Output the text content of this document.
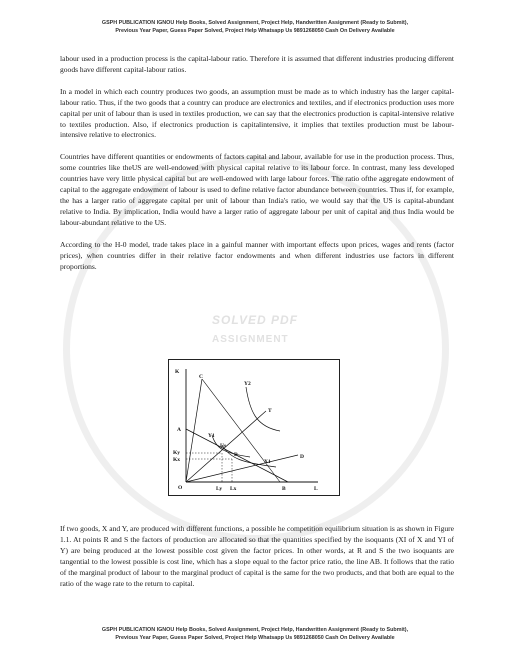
SOLVED PDF
ASSIGNMENT
GSPH PUBLICATION IGNOU Help Books, Solved Assignment, Project Help, Handwritten Assignment (Ready to Submit),
Previous Year Paper, Guess Paper Solved, Project Help Whatsapp Us 9891268050 Cash On Delivery Available

labour used in a production process is the capital-labour ratio. Therefore it is assumed that different industries producing different goods have different capital-labour ratios.

In a model in which each country produces two goods, an assumption must be made as to which industry has the larger capital-labour ratio. Thus, if the two goods that a country can produce are electronics and textiles, and if electronics production uses more capital per unit of labour than is used in textiles production, we can say that the electronics production is capital-intensive relative to textiles production. Also, if electronics production is capitalintensive, it implies that textiles production must be labour-intensive relative to electronics.

Countries have different quantities or endowments of factors capital and labour, available for use in the production process. Thus, some countries like theUS are well-endowed with physical capital relative to its labour force. In contrast, many less developed countries have very little physical capital but are well-endowed with large labour forces. The ratio ofthe aggregate endowment of capital to the aggregate endowment of labour is used to define relative factor abundance between countries. Thus if, for example, the has a larger ratio of aggregate capital per unit of labour than India's ratio, we would say that the US is capital-abundant relative to India. By implication, India would have a larger ratio of aggregate labour per unit of capital and thus India would be labour-abundant relative to the US.

According to the H-0 model, trade takes place in a gainful manner with important effects upon prices, wages and rents (factor prices), when countries differ in their relative factor endowments and when different industries use factors in different proportions.

If two goods, X and Y, are produced with different functions, a possible he competition equilibrium situation is as shown in Figure 1.1. At points R and S the factors of production are allocated so that the quantities specified by the isoquants (XI of X and YI of Y) are being produced at the lowest possible cost given the factor prices. In other words, at R and S the two isoquants are tangential to the lowest possible is cost line, which has a slope equal to the factor price ratio, the line AB. It follows that the ratio of the marginal product of labour to the marginal product of capital is the same for the two products, and that both are equal to the ratio of the wage rate to the return to capital.

K
C
Y2
T
A
Y1
Us
R
X1
Ky
Kx	D
O	Ly Lx	B	L
GSPH PUBLICATION IGNOU Help Books, Solved Assignment, Project Help, Handwritten Assignment (Ready to Submit),
Previous Year Paper, Guess Paper Solved, Project Help Whatsapp Us 9891268050 Cash On Delivery Available
